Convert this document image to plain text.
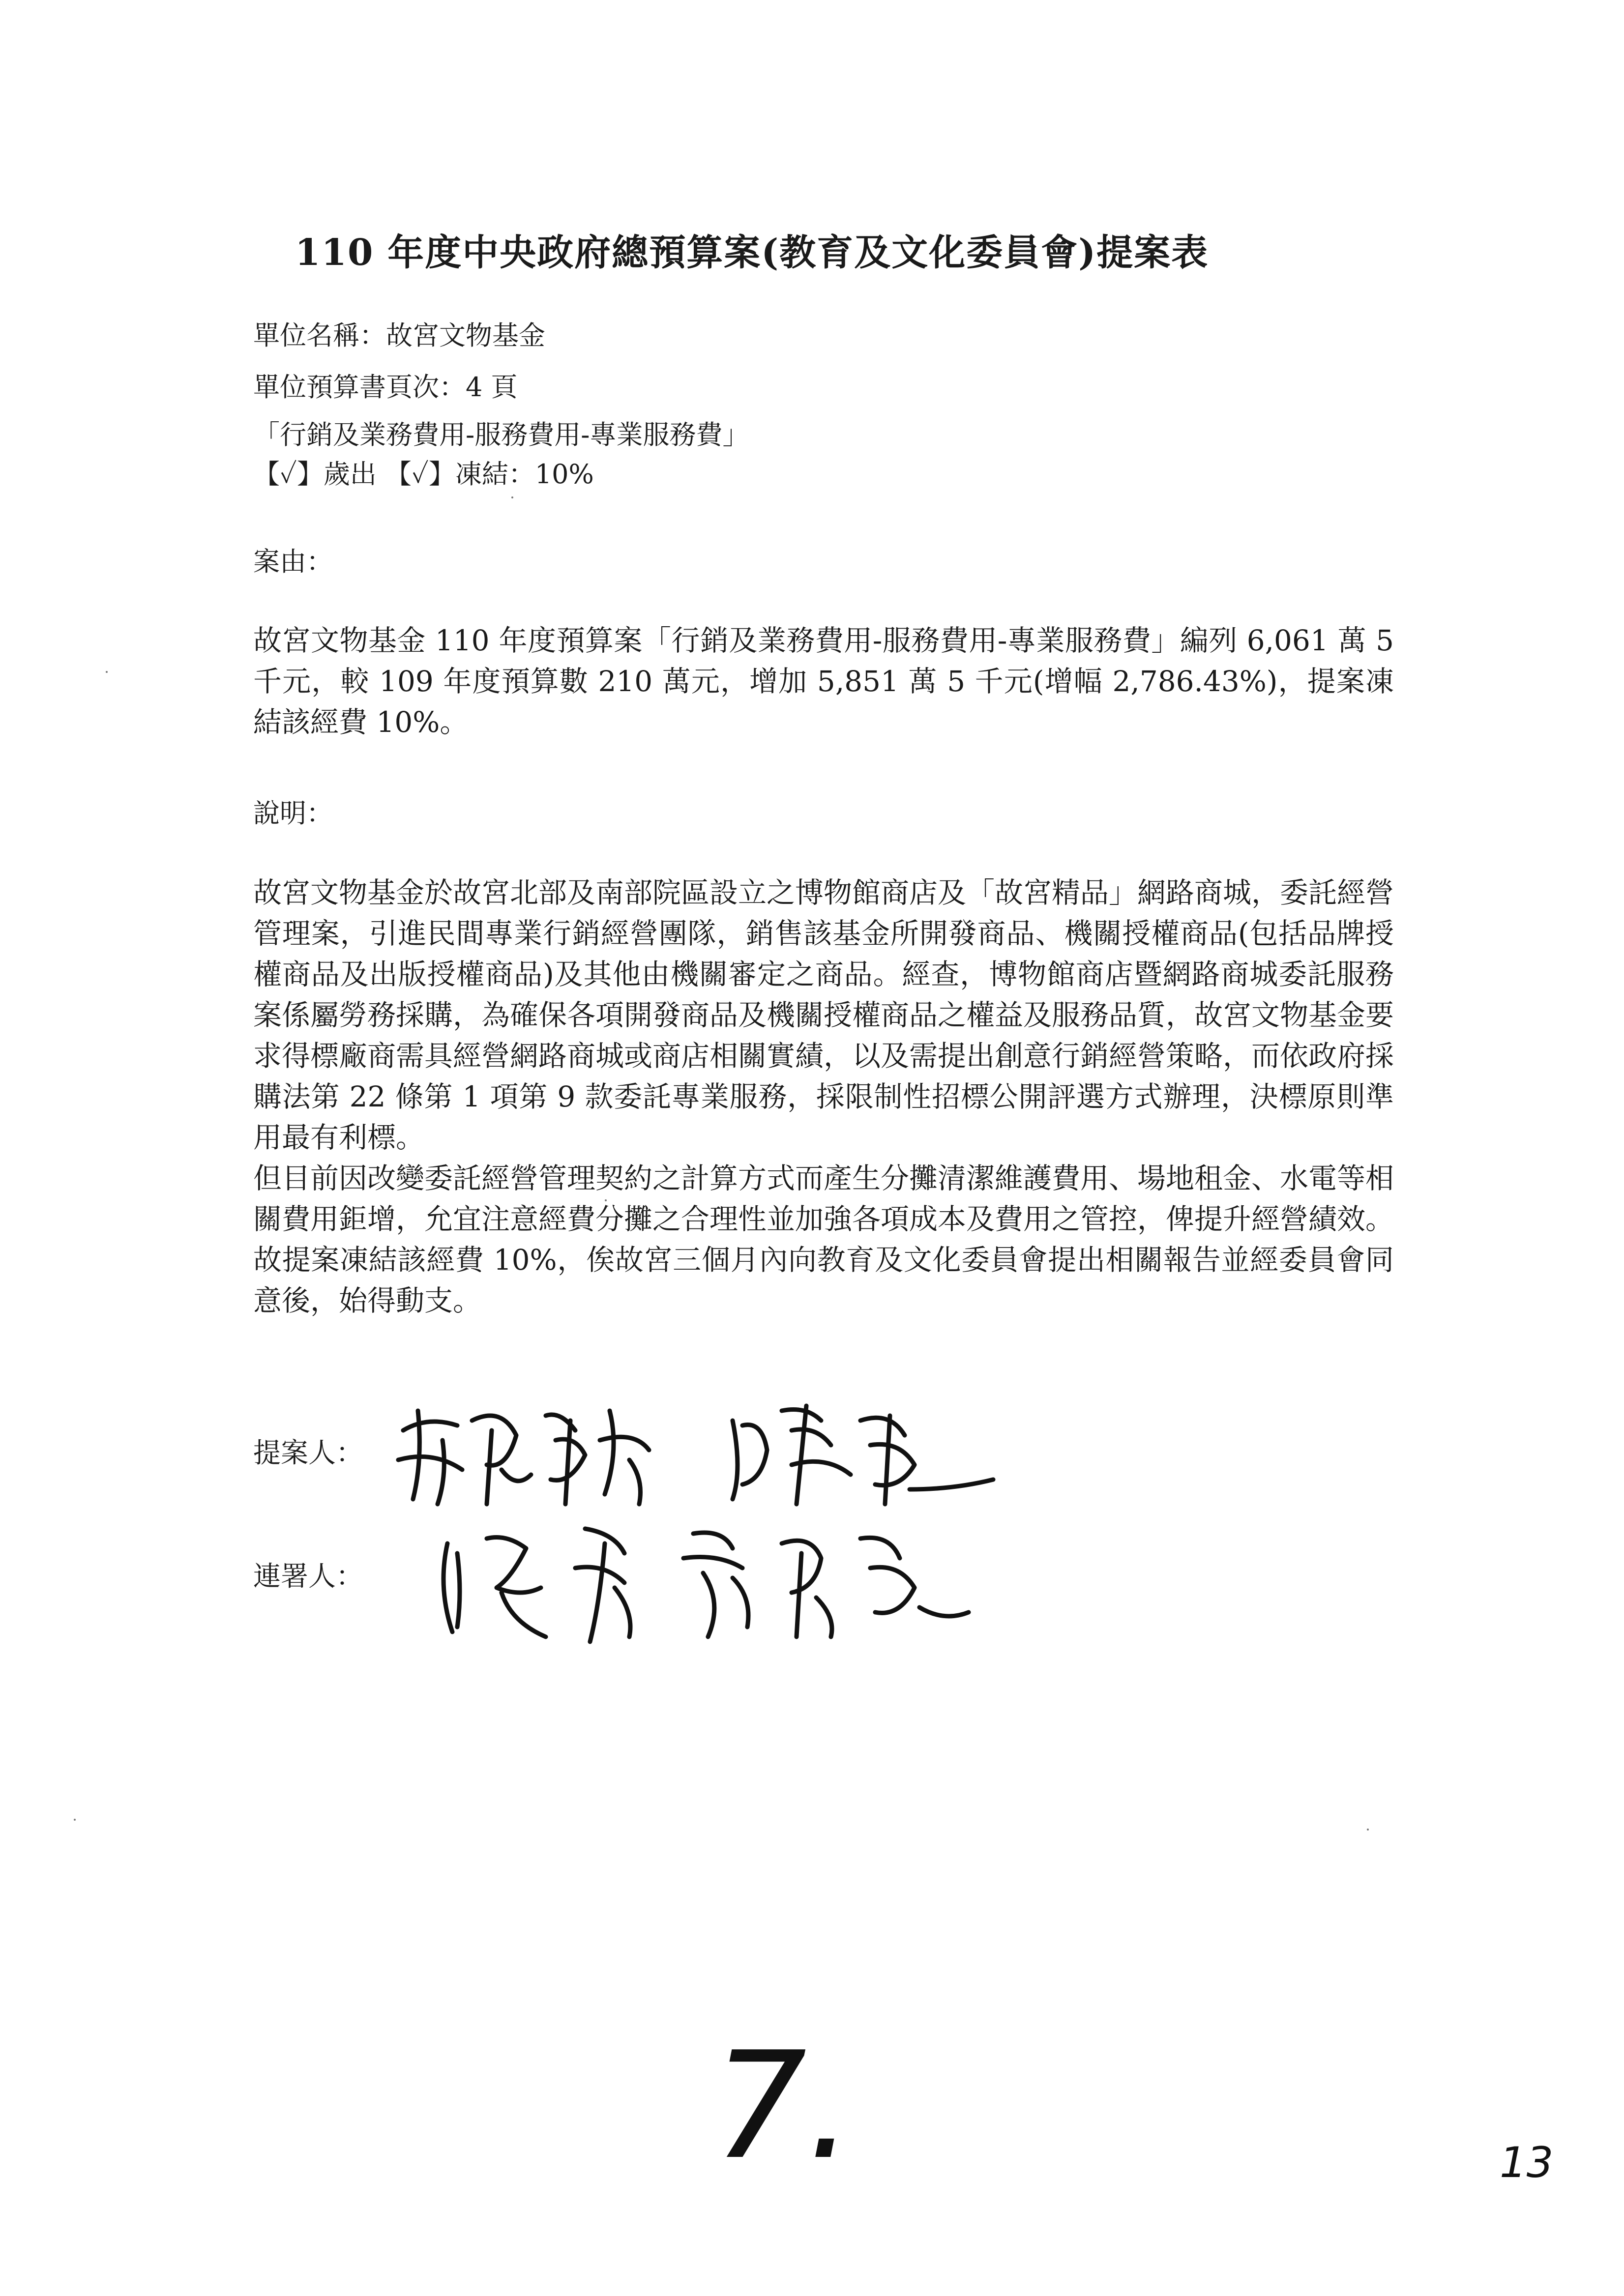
110 年度中央政府總預算案(教育及文化委員會)提案表
單位名稱：故宮文物基金
單位預算書頁次：4 頁
「行銷及業務費用-服務費用-專業服務費」
【✓】歲出 【✓】凍結：10%
案由：

故宮文物基金 110 年度預算案「行銷及業務費用-服務費用-專業服務費」編列 6,061 萬 5 千元，較 109 年度預算數 210 萬元，增加 5,851 萬 5 千元(增幅 2,786.43%)，提案凍結該經費 10%。

說明：

故宮文物基金於故宮北部及南部院區設立之博物館商店及「故宮精品」網路商城，委託經營管理案，引進民間專業行銷經營團隊，銷售該基金所開發商品、機關授權商品(包括品牌授權商品及出版授權商品)及其他由機關審定之商品。經查，博物館商店暨網路商城委託服務案係屬勞務採購，為確保各項開發商品及機關授權商品之權益及服務品質，故宮文物基金要求得標廠商需具經營網路商城或商店相關實績，以及需提出創意行銷經營策略，而依政府採購法第 22 條第 1 項第 9 款委託專業服務，採限制性招標公開評選方式辦理，決標原則準用最有利標。

但目前因改變委託經營管理契約之計算方式而產生分攤清潔維護費用、場地租金、水電等相關費用鉅增，允宜注意經費分攤之合理性並加強各項成本及費用之管控，俾提升經營績效。故提案凍結該經費 10%，俟故宮三個月內向教育及文化委員會提出相關報告並經委員會同意後，始得動支。

提案人：
連署人：
7.	13
